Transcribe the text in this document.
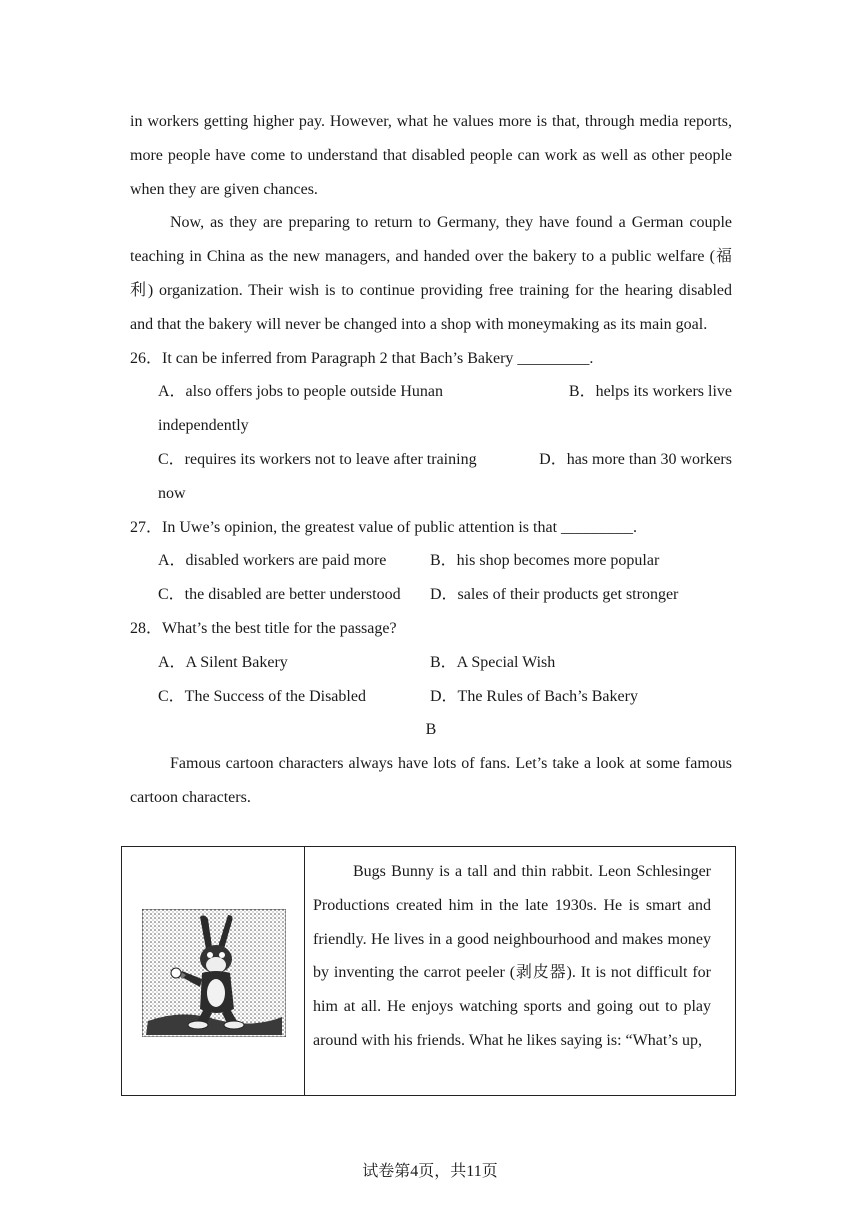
in workers getting higher pay. However, what he values more is that, through media reports, more people have come to understand that disabled people can work as well as other people when they are given chances.

Now, as they are preparing to return to Germany, they have found a German couple teaching in China as the new managers, and handed over the bakery to a public welfare (福利) organization. Their wish is to continue providing free training for the hearing disabled and that the bakery will never be changed into a shop with moneymaking as its main goal.

26．It can be inferred from Paragraph 2 that Bach’s Bakery _________.
A．also offers jobs to people outside Hunan	B．helps its workers live
independently
C．requires its workers not to leave after training	D．has more than 30 workers
now
27．In Uwe’s opinion, the greatest value of public attention is that _________.
A．disabled workers are paid more	B．his shop becomes more popular
C．the disabled are better understood	D．sales of their products get stronger
28．What’s the best title for the passage?
A．A Silent Bakery	B．A Special Wish
C．The Success of the Disabled	D．The Rules of Bach’s Bakery
B

Famous cartoon characters always have lots of fans. Let’s take a look at some famous cartoon characters.

Bugs Bunny is a tall and thin rabbit. Leon Schlesinger Productions created him in the late 1930s. He is smart and friendly. He lives in a good neighbourhood and makes money by inventing the carrot peeler (剥皮器). It is not difficult for him at all. He enjoys watching sports and going out to play around with his friends. What he likes saying is: “What’s up,

试卷第4页，共11页
